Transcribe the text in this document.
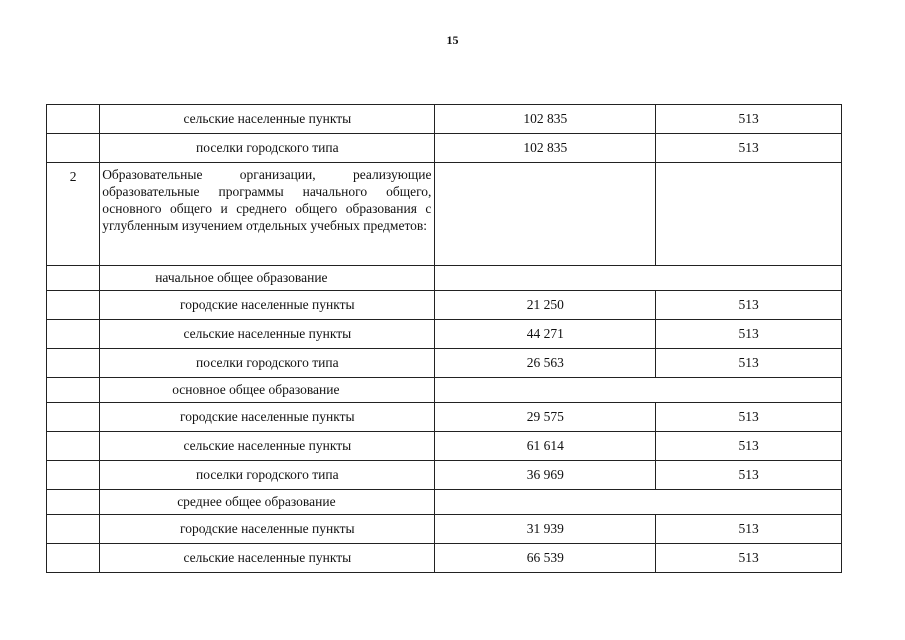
15
	сельские населенные пункты	102 835	513
	поселки городского типа	102 835	513
2	Образовательные организации, реализующие образовательные программы начального общего, основного общего и среднего общего образования с углубленным изучением отдельных учебных предметов:		
	начальное общее образование		
	городские населенные пункты	21 250	513
	сельские населенные пункты	44 271	513
	поселки городского типа	26 563	513
	основное общее образование		
	городские населенные пункты	29 575	513
	сельские населенные пункты	61 614	513
	поселки городского типа	36 969	513
	среднее общее образование		
	городские населенные пункты	31 939	513
	сельские населенные пункты	66 539	513
